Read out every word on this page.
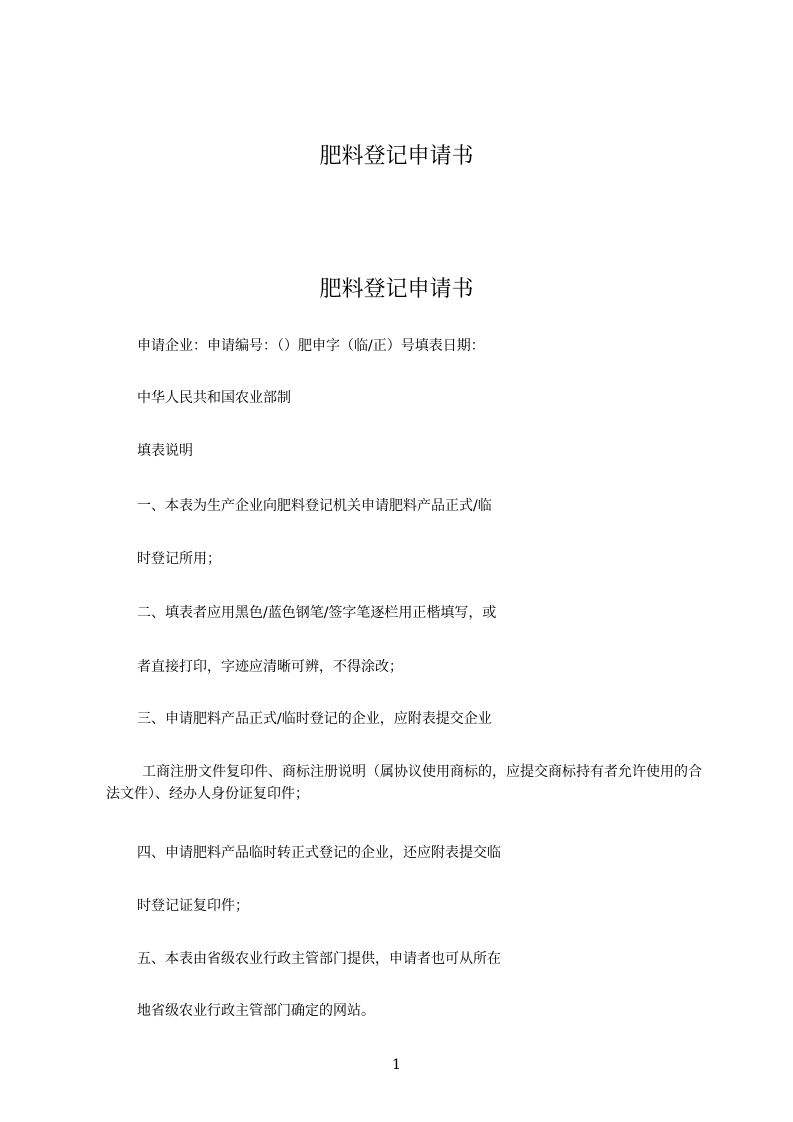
肥料登记申请书
肥料登记申请书
申请企业：申请编号：（）肥申字（临/正）号填表日期：
中华人民共和国农业部制
填表说明
一、本表为生产企业向肥料登记机关申请肥料产品正式/临
时登记所用；
二、填表者应用黑色/蓝色钢笔/签字笔逐栏用正楷填写，或
者直接打印，字迹应清晰可辨，不得涂改；
三、申请肥料产品正式/临时登记的企业，应附表提交企业
工商注册文件复印件、商标注册说明（属协议使用商标的，应提交商标持有者允许使用的合法文件）、经办人身份证复印件；
四、申请肥料产品临时转正式登记的企业，还应附表提交临
时登记证复印件；
五、本表由省级农业行政主管部门提供，申请者也可从所在
地省级农业行政主管部门确定的网站。
1
